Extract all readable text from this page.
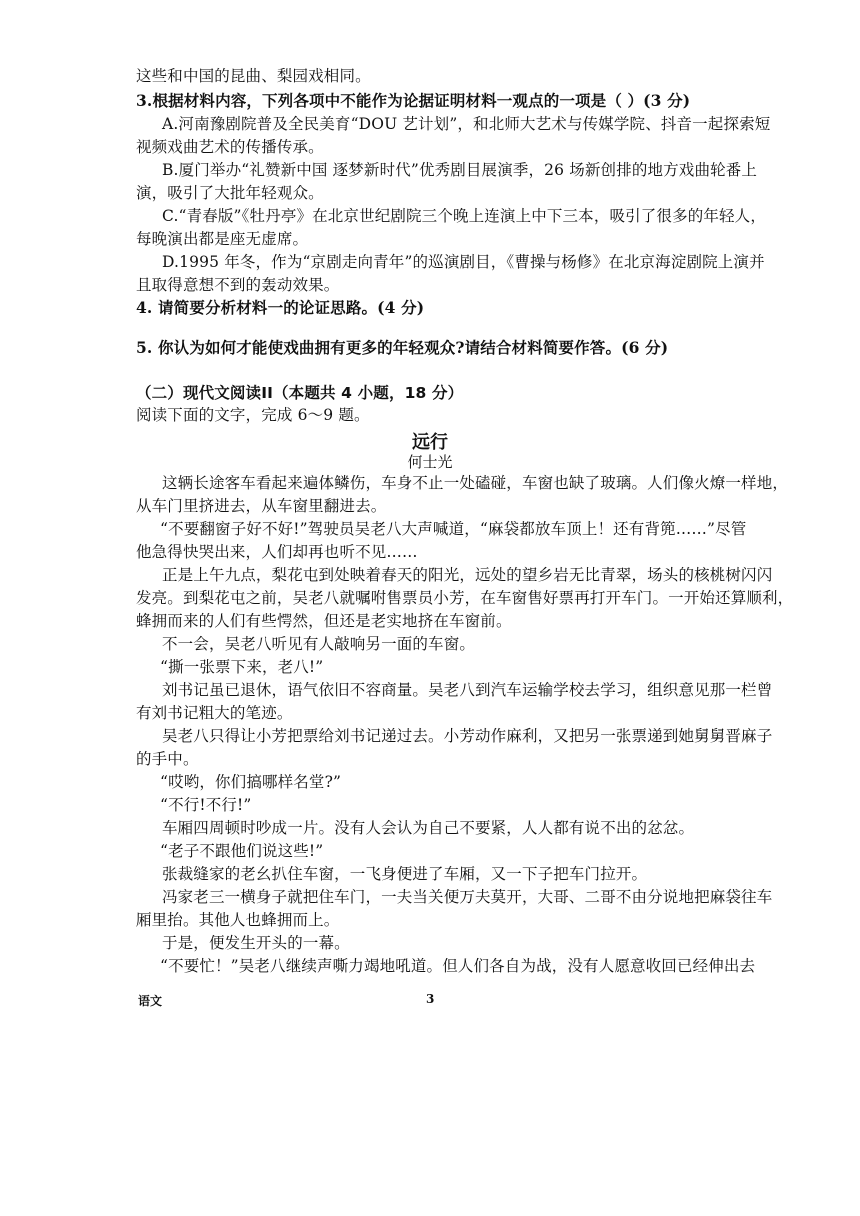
这些和中国的昆曲、梨园戏相同。
3.根据材料内容，下列各项中不能作为论据证明材料一观点的一项是（ ）(3 分)
A.河南豫剧院普及全民美育“DOU 艺计划”，和北师大艺术与传媒学院、抖音一起探索短
视频戏曲艺术的传播传承。
B.厦门举办“礼赞新中国 逐梦新时代”优秀剧目展演季，26 场新创排的地方戏曲轮番上
演，吸引了大批年轻观众。
C.“青春版”《牡丹亭》在北京世纪剧院三个晚上连演上中下三本，吸引了很多的年轻人，
每晚演出都是座无虚席。
D.1995 年冬，作为“京剧走向青年”的巡演剧目，《曹操与杨修》在北京海淀剧院上演并
且取得意想不到的轰动效果。
4. 请简要分析材料一的论证思路。(4 分)
5. 你认为如何才能使戏曲拥有更多的年轻观众?请结合材料简要作答。(6 分)
（二）现代文阅读II（本题共 4 小题，18 分）
阅读下面的文字，完成 6～9 题。
远行
何士光
这辆长途客车看起来遍体鳞伤，车身不止一处磕碰，车窗也缺了玻璃。人们像火燎一样地，
从车门里挤进去，从车窗里翻进去。
“不要翻窗子好不好!”驾驶员吴老八大声喊道，“麻袋都放车顶上！还有背篼……”尽管
他急得快哭出来，人们却再也听不见……
正是上午九点，梨花屯到处映着春天的阳光，远处的望乡岩无比青翠，场头的核桃树闪闪
发亮。到梨花屯之前，吴老八就嘱咐售票员小芳，在车窗售好票再打开车门。一开始还算顺利，
蜂拥而来的人们有些愕然，但还是老实地挤在车窗前。
不一会，吴老八听见有人敲响另一面的车窗。
“撕一张票下来，老八!”
刘书记虽已退休，语气依旧不容商量。吴老八到汽车运输学校去学习，组织意见那一栏曾
有刘书记粗大的笔迹。
吴老八只得让小芳把票给刘书记递过去。小芳动作麻利，又把另一张票递到她舅舅晋麻子
的手中。
“哎哟，你们搞哪样名堂?”
“不行!不行!”
车厢四周顿时吵成一片。没有人会认为自己不要紧，人人都有说不出的忿忿。
“老子不跟他们说这些!”
张裁缝家的老幺扒住车窗，一飞身便进了车厢，又一下子把车门拉开。
冯家老三一横身子就把住车门，一夫当关便万夫莫开，大哥、二哥不由分说地把麻袋往车
厢里抬。其他人也蜂拥而上。
于是，便发生开头的一幕。
“不要忙！”吴老八继续声嘶力竭地吼道。但人们各自为战，没有人愿意收回已经伸出去
语文	3
